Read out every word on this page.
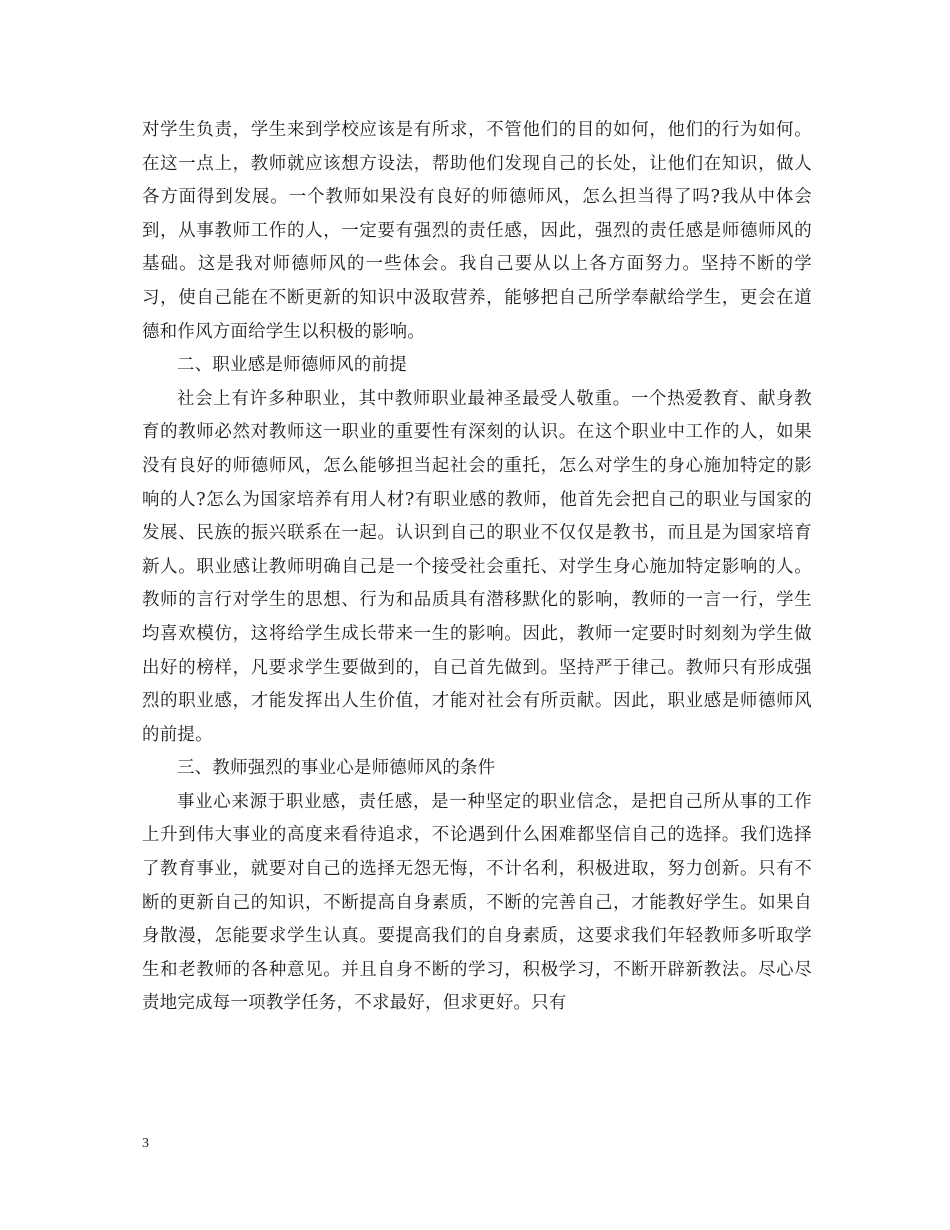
对学生负责，学生来到学校应该是有所求，不管他们的目的如何，他们的行为如何。在这一点上，教师就应该想方设法，帮助他们发现自己的长处，让他们在知识，做人各方面得到发展。一个教师如果没有良好的师德师风，怎么担当得了吗?我从中体会到，从事教师工作的人，一定要有强烈的责任感，因此，强烈的责任感是师德师风的基础。这是我对师德师风的一些体会。我自己要从以上各方面努力。坚持不断的学习，使自己能在不断更新的知识中汲取营养，能够把自己所学奉献给学生，更会在道德和作风方面给学生以积极的影响。

二、职业感是师德师风的前提

社会上有许多种职业，其中教师职业最神圣最受人敬重。一个热爱教育、献身教育的教师必然对教师这一职业的重要性有深刻的认识。在这个职业中工作的人，如果没有良好的师德师风，怎么能够担当起社会的重托，怎么对学生的身心施加特定的影响的人?怎么为国家培养有用人材?有职业感的教师，他首先会把自己的职业与国家的发展、民族的振兴联系在一起。认识到自己的职业不仅仅是教书，而且是为国家培育新人。职业感让教师明确自己是一个接受社会重托、对学生身心施加特定影响的人。教师的言行对学生的思想、行为和品质具有潜移默化的影响，教师的一言一行，学生均喜欢模仿，这将给学生成长带来一生的影响。因此，教师一定要时时刻刻为学生做出好的榜样，凡要求学生要做到的，自己首先做到。坚持严于律己。教师只有形成强烈的职业感，才能发挥出人生价值，才能对社会有所贡献。因此，职业感是师德师风的前提。

三、教师强烈的事业心是师德师风的条件

事业心来源于职业感，责任感，是一种坚定的职业信念，是把自己所从事的工作上升到伟大事业的高度来看待追求，不论遇到什么困难都坚信自己的选择。我们选择了教育事业，就要对自己的选择无怨无悔，不计名利，积极进取，努力创新。只有不断的更新自己的知识，不断提高自身素质，不断的完善自己，才能教好学生。如果自身散漫，怎能要求学生认真。要提高我们的自身素质，这要求我们年轻教师多听取学生和老教师的各种意见。并且自身不断的学习，积极学习，不断开辟新教法。尽心尽责地完成每一项教学任务，不求最好，但求更好。只有

3
